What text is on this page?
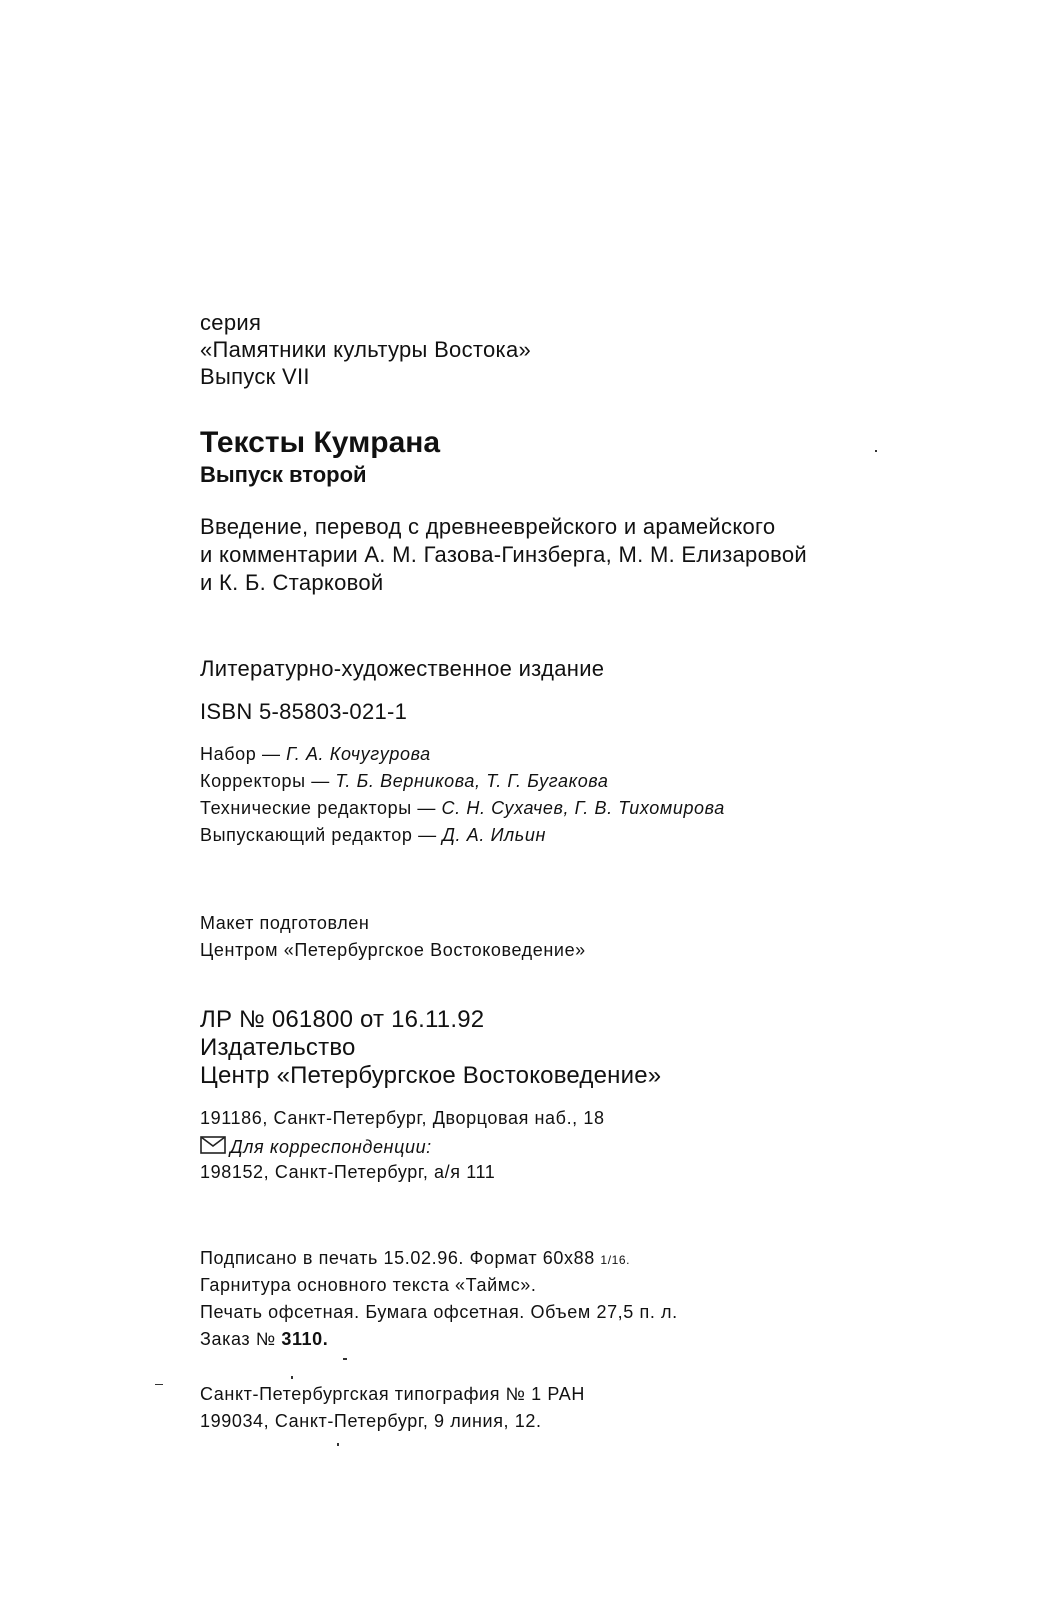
серия
«Памятники культуры Востока»
Выпуск VII
Тексты Кумрана
Выпуск второй
Введение, перевод с древнееврейского и арамейского
и комментарии А. М. Газова-Гинзберга, М. М. Елизаровой
и К. Б. Старковой
Литературно-художественное издание
ISBN 5-85803-021-1
Набор — Г. А. Кочугурова
Корректоры — Т. Б. Верникова, Т. Г. Бугакова
Технические редакторы — С. Н. Сухачев, Г. В. Тихомирова
Выпускающий редактор — Д. А. Ильин
Макет подготовлен
Центром «Петербургское Востоковедение»
ЛР № 061800 от 16.11.92
Издательство
Центр «Петербургское Востоковедение»
191186, Санкт-Петербург, Дворцовая наб., 18
Для корреспонденции:
198152, Санкт-Петербург, а/я 111
Подписано в печать 15.02.96. Формат 60х88 1/16.
Гарнитура основного текста «Таймс».
Печать офсетная. Бумага офсетная. Объем 27,5 п. л.
Заказ № 3110.
Санкт-Петербургская типография № 1 РАН
199034, Санкт-Петербург, 9 линия, 12.
